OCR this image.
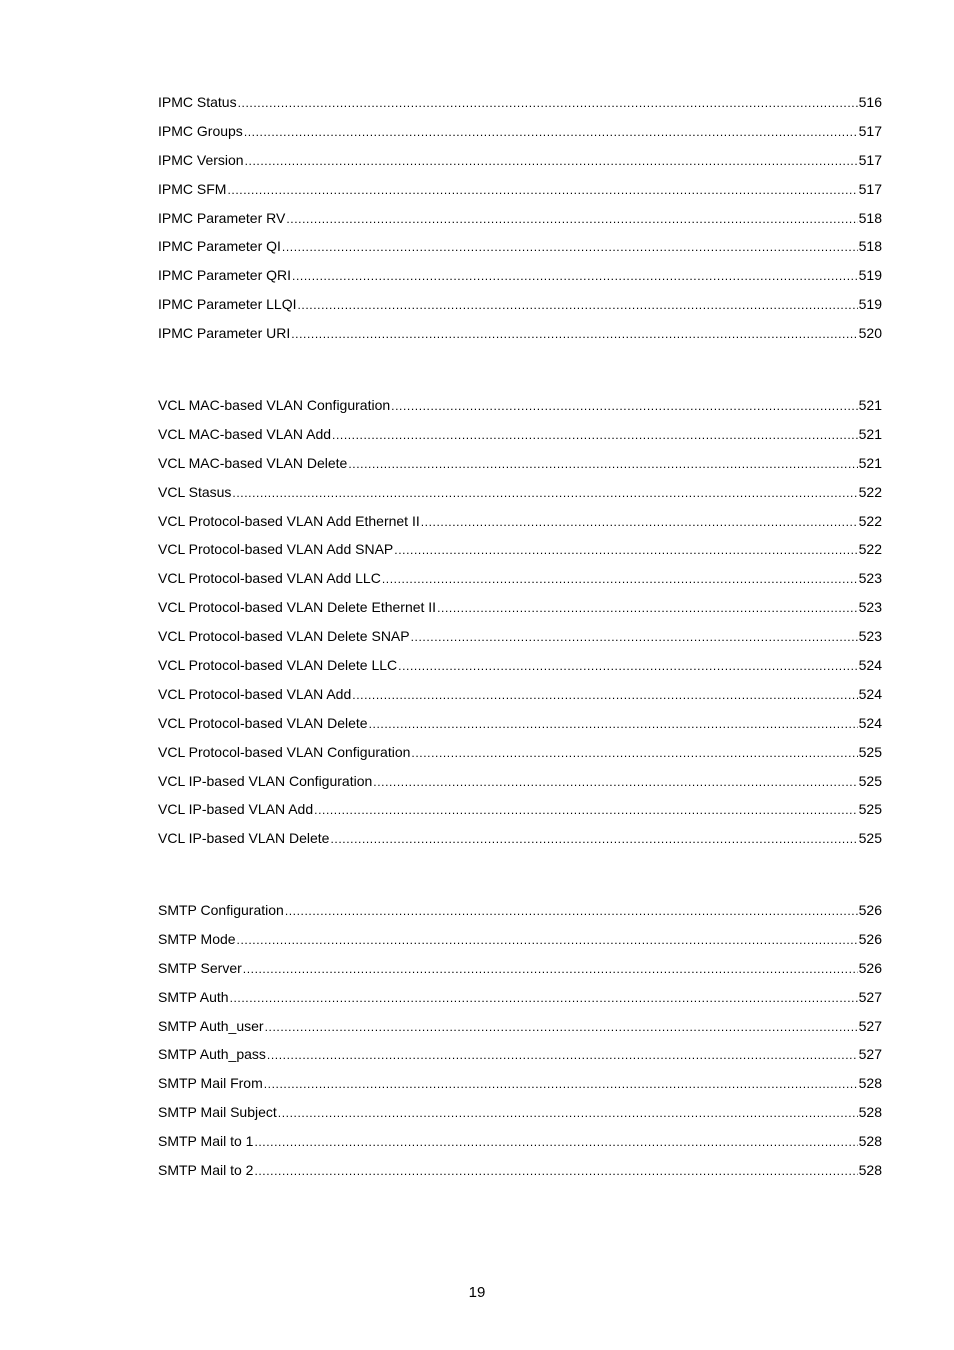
IPMC Status .....	516
IPMC Groups .....	517
IPMC Version .....	517
IPMC SFM .....	517
IPMC Parameter RV .....	518
IPMC Parameter QI .....	518
IPMC Parameter QRI .....	519
IPMC Parameter LLQI .....	519
IPMC Parameter URI .....	520
VCL MAC-based VLAN Configuration .....	521
VCL MAC-based VLAN Add .....	521
VCL MAC-based VLAN Delete .....	521
VCL Stasus .....	522
VCL Protocol-based VLAN Add Ethernet II .....	522
VCL Protocol-based VLAN Add SNAP .....	522
VCL Protocol-based VLAN Add LLC .....	523
VCL Protocol-based VLAN Delete Ethernet II .....	523
VCL Protocol-based VLAN Delete SNAP .....	523
VCL Protocol-based VLAN Delete LLC .....	524
VCL Protocol-based VLAN Add .....	524
VCL Protocol-based VLAN Delete .....	524
VCL Protocol-based VLAN Configuration .....	525
VCL IP-based VLAN Configuration .....	525
VCL IP-based VLAN Add .....	525
VCL IP-based VLAN Delete .....	525
SMTP Configuration .....	526
SMTP Mode .....	526
SMTP Server .....	526
SMTP Auth .....	527
SMTP Auth_user .....	527
SMTP Auth_pass .....	527
SMTP Mail From .....	528
SMTP Mail Subject .....	528
SMTP Mail to 1 .....	528
SMTP Mail to 2 .....	528
19
